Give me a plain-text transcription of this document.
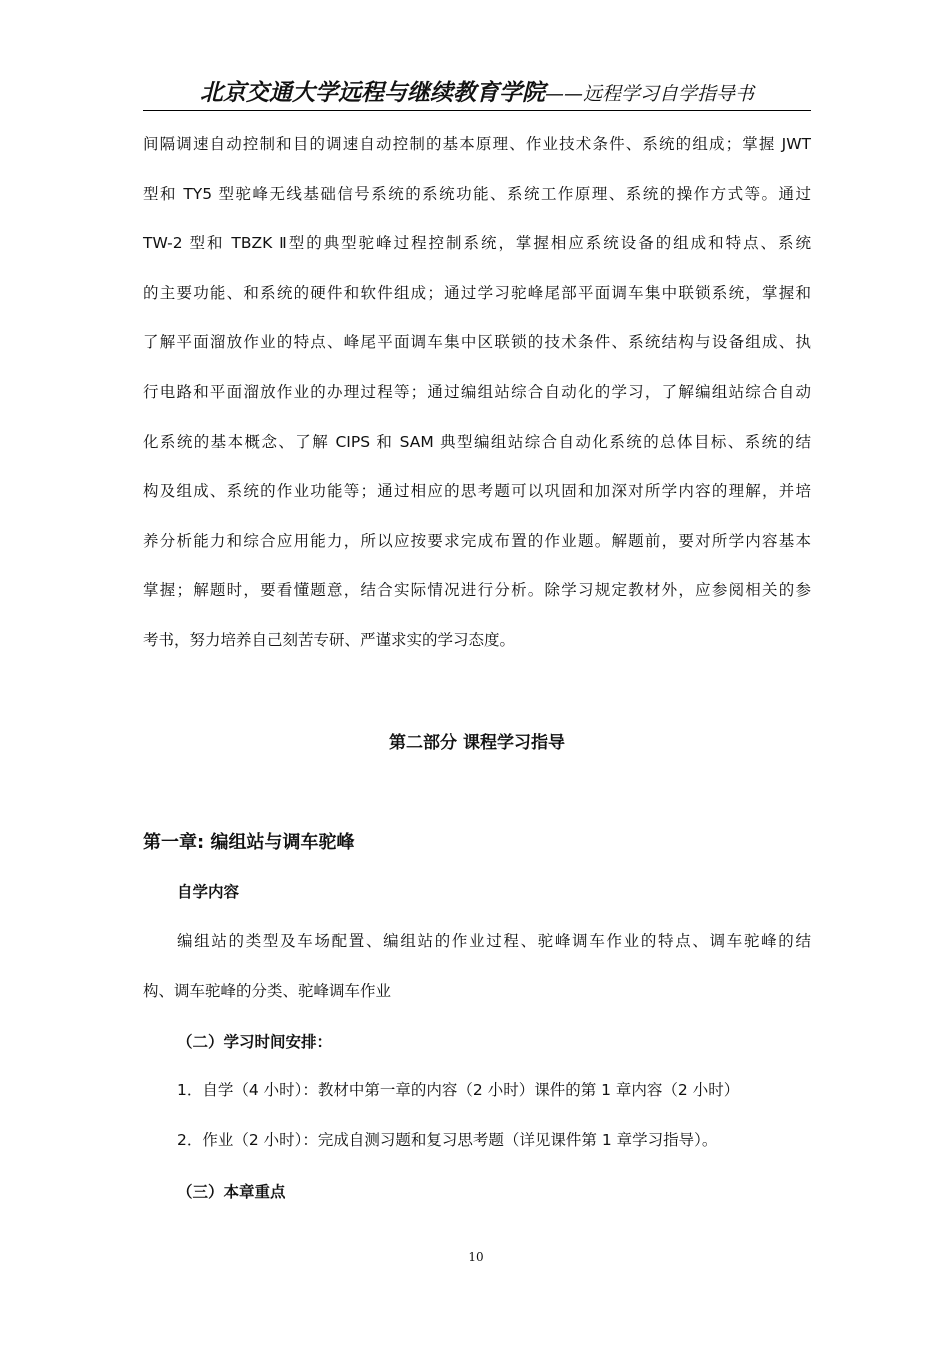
北京交通大学远程与继续教育学院——远程学习自学指导书
间隔调速自动控制和目的调速自动控制的基本原理、作业技术条件、系统的组成；掌握 JWT
型和 TY5 型驼峰无线基础信号系统的系统功能、系统工作原理、系统的操作方式等。通过
TW-2 型和 TBZK Ⅱ型的典型驼峰过程控制系统，掌握相应系统设备的组成和特点、系统
的主要功能、和系统的硬件和软件组成；通过学习驼峰尾部平面调车集中联锁系统，掌握和
了解平面溜放作业的特点、峰尾平面调车集中区联锁的技术条件、系统结构与设备组成、执
行电路和平面溜放作业的办理过程等；通过编组站综合自动化的学习，了解编组站综合自动
化系统的基本概念、了解 CIPS 和 SAM 典型编组站综合自动化系统的总体目标、系统的结
构及组成、系统的作业功能等；通过相应的思考题可以巩固和加深对所学内容的理解，并培
养分析能力和综合应用能力，所以应按要求完成布置的作业题。解题前，要对所学内容基本
掌握；解题时，要看懂题意，结合实际情况进行分析。除学习规定教材外，应参阅相关的参
考书，努力培养自己刻苦专研、严谨求实的学习态度。
第二部分 课程学习指导
第一章: 编组站与调车驼峰
自学内容
编组站的类型及车场配置、编组站的作业过程、驼峰调车作业的特点、调车驼峰的结
构、调车驼峰的分类、驼峰调车作业
（二）学习时间安排：
1．自学（4 小时）：教材中第一章的内容（2 小时）课件的第 1 章内容（2 小时）
2．作业（2 小时）：完成自测习题和复习思考题（详见课件第 1 章学习指导）。
（三）本章重点
10
